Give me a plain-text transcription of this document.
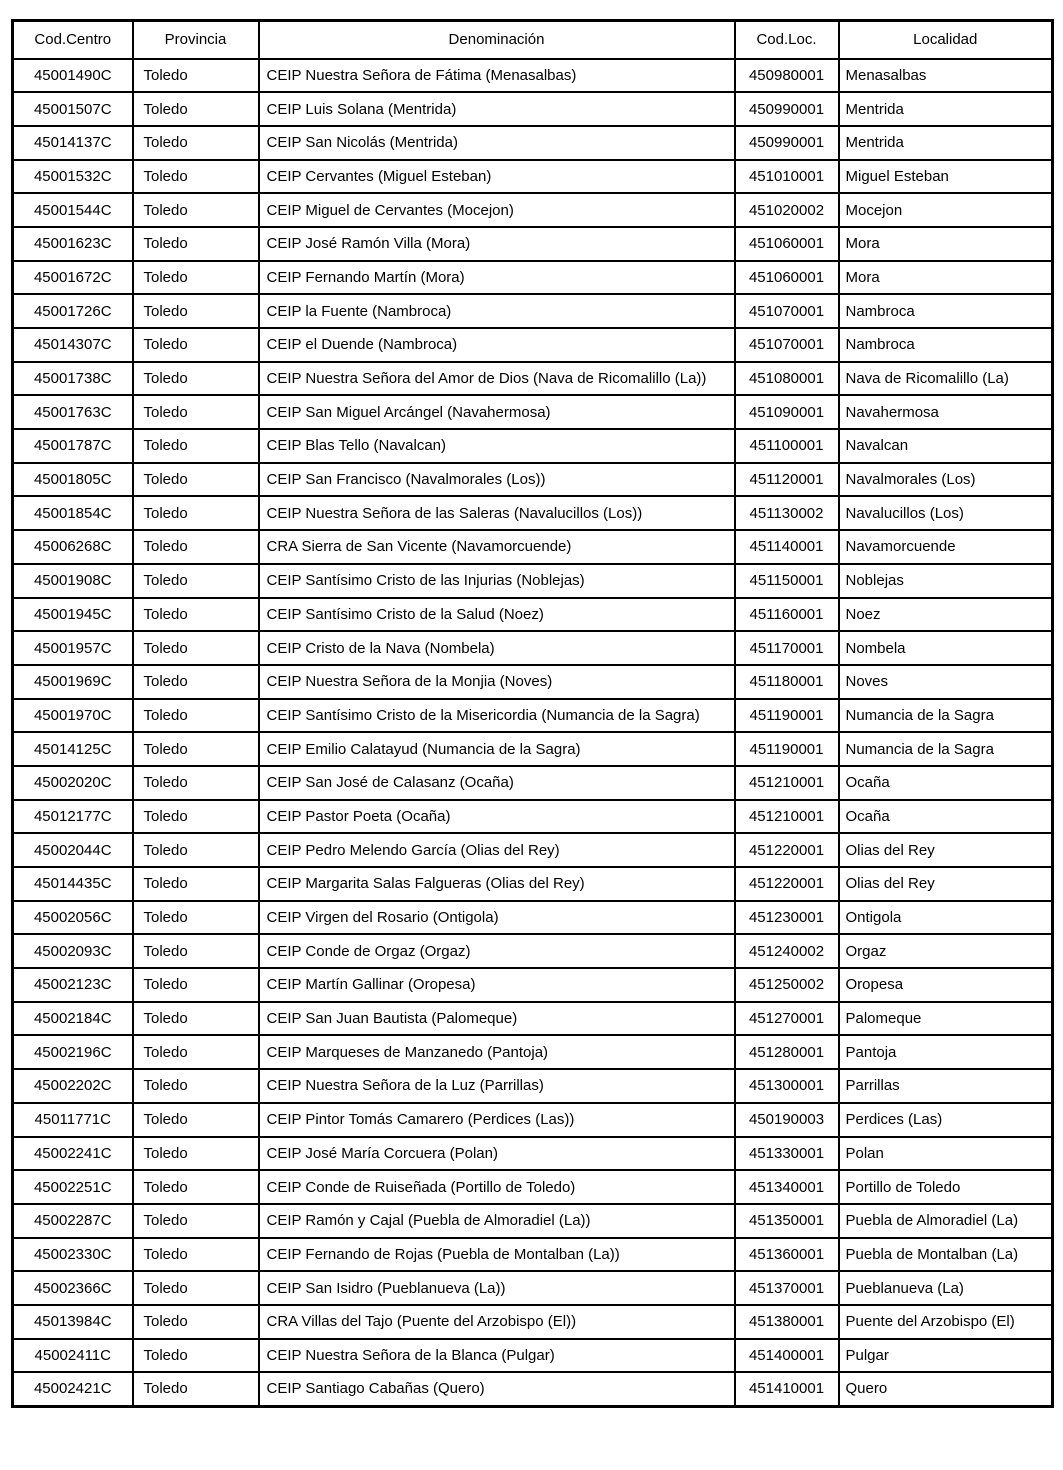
Cod.Centro	Provincia	Denominación	Cod.Loc.	Localidad
45001490C	Toledo	CEIP Nuestra Señora de Fátima (Menasalbas)	450980001	Menasalbas
45001507C	Toledo	CEIP Luis Solana (Mentrida)	450990001	Mentrida
45014137C	Toledo	CEIP San Nicolás (Mentrida)	450990001	Mentrida
45001532C	Toledo	CEIP Cervantes (Miguel Esteban)	451010001	Miguel Esteban
45001544C	Toledo	CEIP Miguel de Cervantes (Mocejon)	451020002	Mocejon
45001623C	Toledo	CEIP José Ramón Villa (Mora)	451060001	Mora
45001672C	Toledo	CEIP Fernando Martín (Mora)	451060001	Mora
45001726C	Toledo	CEIP la Fuente (Nambroca)	451070001	Nambroca
45014307C	Toledo	CEIP el Duende (Nambroca)	451070001	Nambroca
45001738C	Toledo	CEIP Nuestra Señora del Amor de Dios (Nava de Ricomalillo (La))	451080001	Nava de Ricomalillo (La)
45001763C	Toledo	CEIP San Miguel Arcángel (Navahermosa)	451090001	Navahermosa
45001787C	Toledo	CEIP Blas Tello (Navalcan)	451100001	Navalcan
45001805C	Toledo	CEIP San Francisco (Navalmorales (Los))	451120001	Navalmorales (Los)
45001854C	Toledo	CEIP Nuestra Señora de las Saleras (Navalucillos (Los))	451130002	Navalucillos (Los)
45006268C	Toledo	CRA Sierra de San Vicente (Navamorcuende)	451140001	Navamorcuende
45001908C	Toledo	CEIP Santísimo Cristo de las Injurias (Noblejas)	451150001	Noblejas
45001945C	Toledo	CEIP Santísimo Cristo de la Salud (Noez)	451160001	Noez
45001957C	Toledo	CEIP Cristo de la Nava (Nombela)	451170001	Nombela
45001969C	Toledo	CEIP Nuestra Señora de la Monjia (Noves)	451180001	Noves
45001970C	Toledo	CEIP Santísimo Cristo de la Misericordia (Numancia de la Sagra)	451190001	Numancia de la Sagra
45014125C	Toledo	CEIP Emilio Calatayud (Numancia de la Sagra)	451190001	Numancia de la Sagra
45002020C	Toledo	CEIP San José de Calasanz (Ocaña)	451210001	Ocaña
45012177C	Toledo	CEIP Pastor Poeta (Ocaña)	451210001	Ocaña
45002044C	Toledo	CEIP Pedro Melendo García (Olias del Rey)	451220001	Olias del Rey
45014435C	Toledo	CEIP Margarita Salas Falgueras (Olias del Rey)	451220001	Olias del Rey
45002056C	Toledo	CEIP Virgen del Rosario (Ontigola)	451230001	Ontigola
45002093C	Toledo	CEIP Conde de Orgaz (Orgaz)	451240002	Orgaz
45002123C	Toledo	CEIP Martín Gallinar (Oropesa)	451250002	Oropesa
45002184C	Toledo	CEIP San Juan Bautista (Palomeque)	451270001	Palomeque
45002196C	Toledo	CEIP Marqueses de Manzanedo (Pantoja)	451280001	Pantoja
45002202C	Toledo	CEIP Nuestra Señora de la Luz (Parrillas)	451300001	Parrillas
45011771C	Toledo	CEIP Pintor Tomás Camarero (Perdices (Las))	450190003	Perdices (Las)
45002241C	Toledo	CEIP José María Corcuera (Polan)	451330001	Polan
45002251C	Toledo	CEIP Conde de Ruiseñada (Portillo de Toledo)	451340001	Portillo de Toledo
45002287C	Toledo	CEIP Ramón y Cajal (Puebla de Almoradiel (La))	451350001	Puebla de Almoradiel (La)
45002330C	Toledo	CEIP Fernando de Rojas (Puebla de Montalban (La))	451360001	Puebla de Montalban (La)
45002366C	Toledo	CEIP San Isidro (Pueblanueva (La))	451370001	Pueblanueva (La)
45013984C	Toledo	CRA Villas del Tajo (Puente del Arzobispo (El))	451380001	Puente del Arzobispo (El)
45002411C	Toledo	CEIP Nuestra Señora de la Blanca (Pulgar)	451400001	Pulgar
45002421C	Toledo	CEIP Santiago Cabañas (Quero)	451410001	Quero
